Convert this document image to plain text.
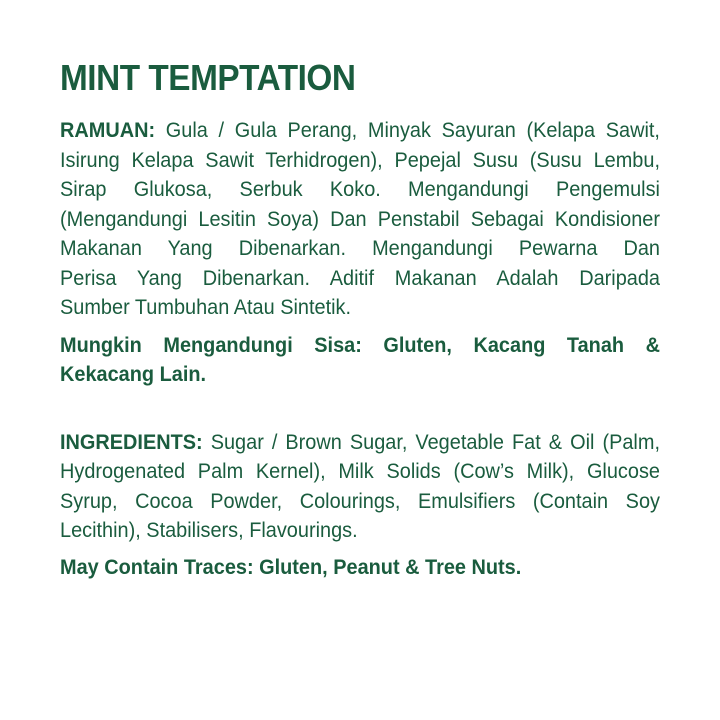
MINT TEMPTATION
RAMUAN: Gula / Gula Perang, Minyak Sayuran (Kelapa Sawit,
Isirung Kelapa Sawit Terhidrogen), Pepejal Susu (Susu Lembu,
Sirap Glukosa, Serbuk Koko. Mengandungi Pengemulsi
(Mengandungi Lesitin Soya) Dan Penstabil Sebagai Kondisioner
Makanan Yang Dibenarkan. Mengandungi Pewarna Dan
Perisa Yang Dibenarkan. Aditif Makanan Adalah Daripada
Sumber Tumbuhan Atau Sintetik.
Mungkin Mengandungi Sisa: Gluten, Kacang Tanah &
Kekacang Lain.
INGREDIENTS: Sugar / Brown Sugar, Vegetable Fat & Oil (Palm,
Hydrogenated Palm Kernel), Milk Solids (Cow’s Milk), Glucose
Syrup, Cocoa Powder, Colourings, Emulsifiers (Contain Soy
Lecithin), Stabilisers, Flavourings.
May Contain Traces: Gluten, Peanut & Tree Nuts.
